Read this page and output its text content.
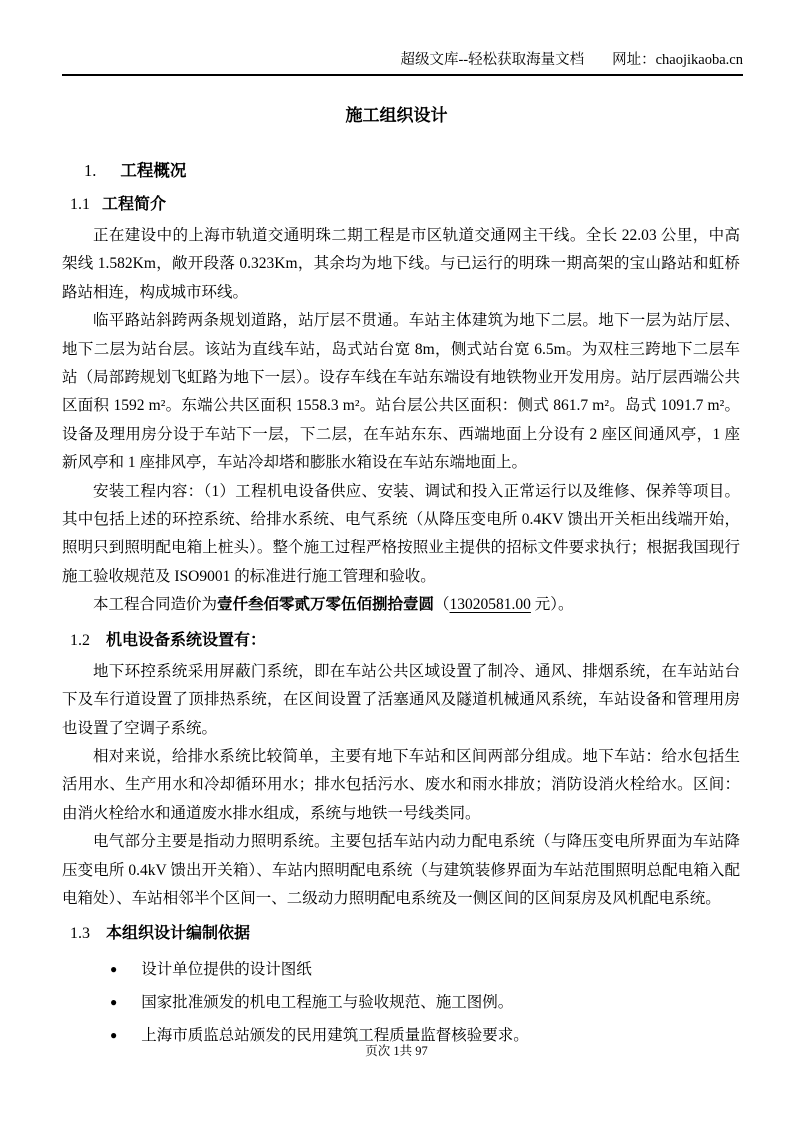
超级文库--轻松获取海量文档 网址：chaojikaoba.cn
施工组织设计
1. 工程概况
1.1 工程简介

正在建设中的上海市轨道交通明珠二期工程是市区轨道交通网主干线。全长 22.03 公里，中高架线 1.582Km，敞开段落 0.323Km，其余均为地下线。与已运行的明珠一期高架的宝山路站和虹桥路站相连，构成城市环线。

临平路站斜跨两条规划道路，站厅层不贯通。车站主体建筑为地下二层。地下一层为站厅层、地下二层为站台层。该站为直线车站，岛式站台宽 8m，侧式站台宽 6.5m。为双柱三跨地下二层车站（局部跨规划飞虹路为地下一层）。设存车线在车站东端设有地铁物业开发用房。站厅层西端公共区面积 1592 m²。东端公共区面积 1558.3 m²。站台层公共区面积：侧式 861.7 m²。岛式 1091.7 m²。设备及理用房分设于车站下一层，下二层，在车站东东、西端地面上分设有 2 座区间通风亭，1 座新风亭和 1 座排风亭，车站冷却塔和膨胀水箱设在车站东端地面上。

安装工程内容：（1）工程机电设备供应、安装、调试和投入正常运行以及维修、保养等项目。其中包括上述的环控系统、给排水系统、电气系统（从降压变电所 0.4KV 馈出开关柜出线端开始，照明只到照明配电箱上桩头）。整个施工过程严格按照业主提供的招标文件要求执行；根据我国现行施工验收规范及 ISO9001 的标准进行施工管理和验收。

本工程合同造价为壹仟叁佰零贰万零伍佰捌拾壹圆（13020581.00 元）。

1.2 机电设备系统设置有：

地下环控系统采用屏蔽门系统，即在车站公共区域设置了制冷、通风、排烟系统，在车站站台下及车行道设置了顶排热系统，在区间设置了活塞通风及隧道机械通风系统，车站设备和管理用房也设置了空调子系统。

相对来说，给排水系统比较简单，主要有地下车站和区间两部分组成。地下车站：给水包括生活用水、生产用水和冷却循环用水；排水包括污水、废水和雨水排放；消防设消火栓给水。区间：由消火栓给水和通道废水排水组成，系统与地铁一号线类同。

电气部分主要是指动力照明系统。主要包括车站内动力配电系统（与降压变电所界面为车站降压变电所 0.4kV 馈出开关箱）、车站内照明配电系统（与建筑装修界面为车站范围照明总配电箱入配电箱处）、车站相邻半个区间一、二级动力照明配电系统及一侧区间的区间泵房及风机配电系统。

1.3 本组织设计编制依据
● 设计单位提供的设计图纸
● 国家批准颁发的机电工程施工与验收规范、施工图例。
● 上海市质监总站颁发的民用建筑工程质量监督核验要求。
页次 1共 97
